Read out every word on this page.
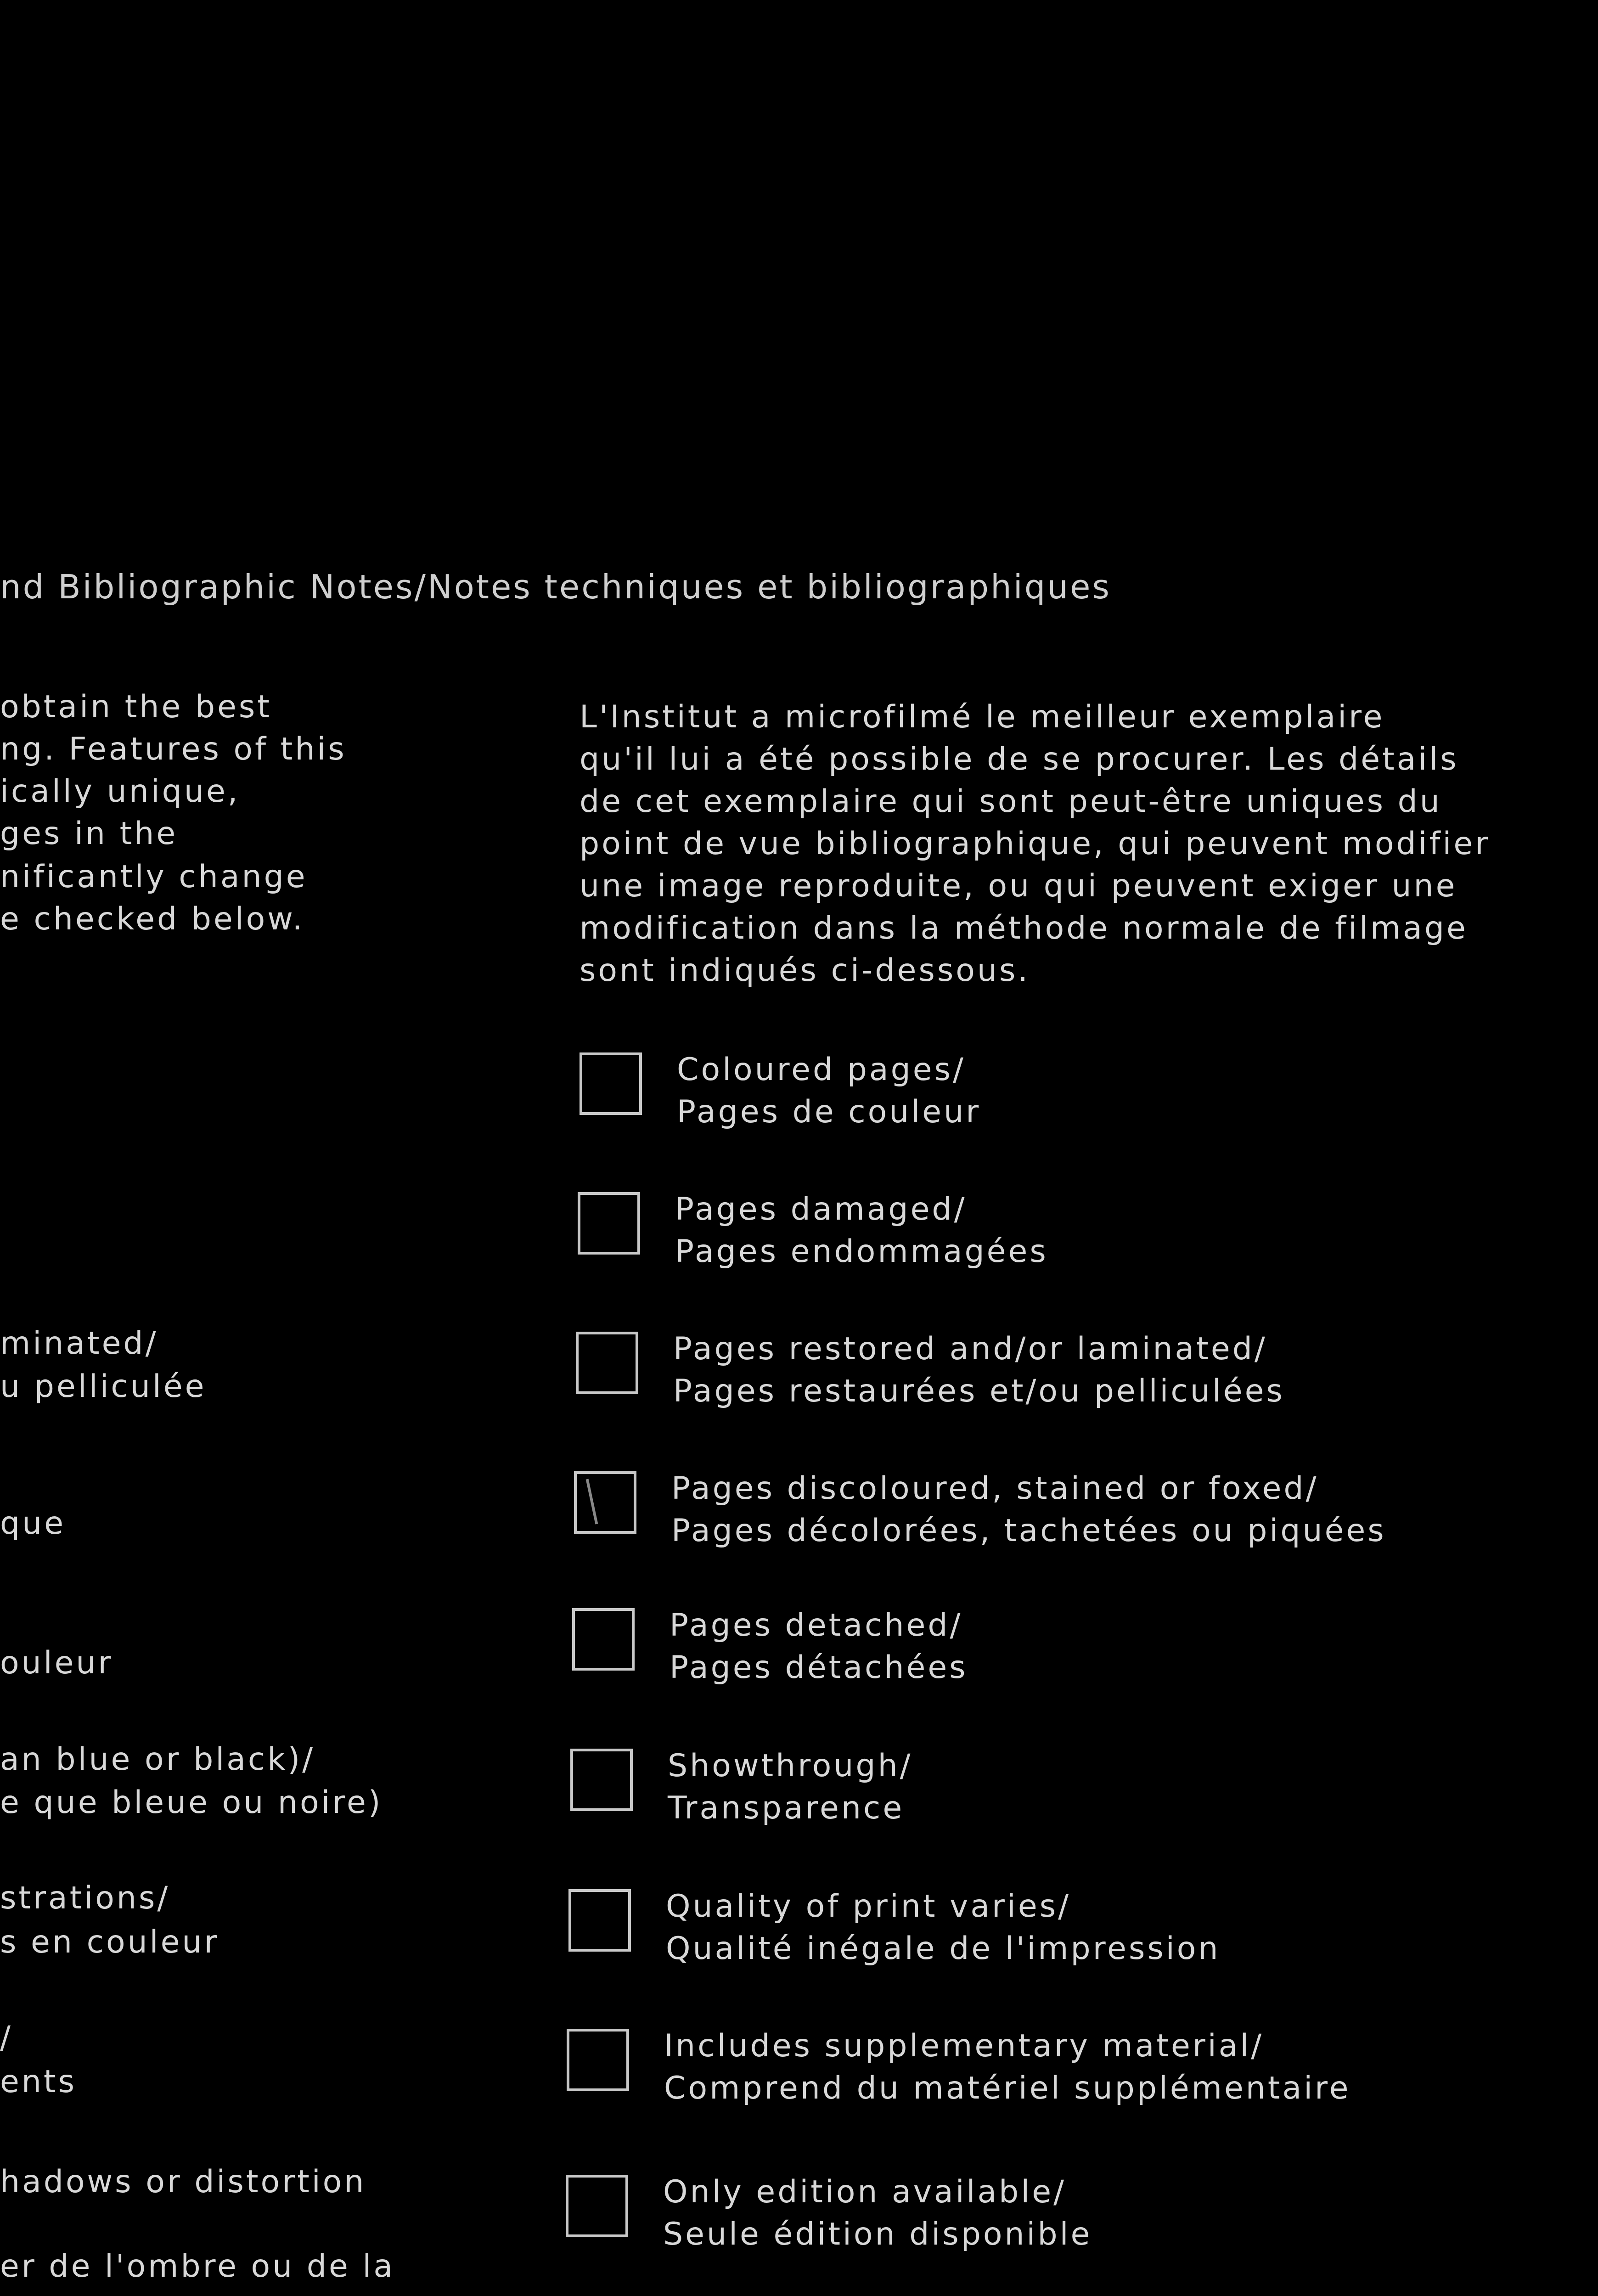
nd Bibliographic Notes/Notes techniques et bibliographiques
obtain the best
ng. Features of this
ically unique,
ges in the
nificantly change
e checked below.
minated/
u pelliculée
que
ouleur
an blue or black)/
e que bleue ou noire)
strations/
s en couleur
/
ents
hadows or distortion
er de l'ombre ou de la
L'Institut a microfilmé le meilleur exemplaire
qu'il lui a été possible de se procurer. Les détails
de cet exemplaire qui sont peut-être uniques du
point de vue bibliographique, qui peuvent modifier
une image reproduite, ou qui peuvent exiger une
modification dans la méthode normale de filmage
sont indiqués ci-dessous.
Coloured pages/
Pages de couleur
Pages damaged/
Pages endommagées
Pages restored and/or laminated/
Pages restaurées et/ou pelliculées
Pages discoloured, stained or foxed/
Pages décolorées, tachetées ou piquées
Pages detached/
Pages détachées
Showthrough/
Transparence
Quality of print varies/
Qualité inégale de l'impression
Includes supplementary material/
Comprend du matériel supplémentaire
Only edition available/
Seule édition disponible
